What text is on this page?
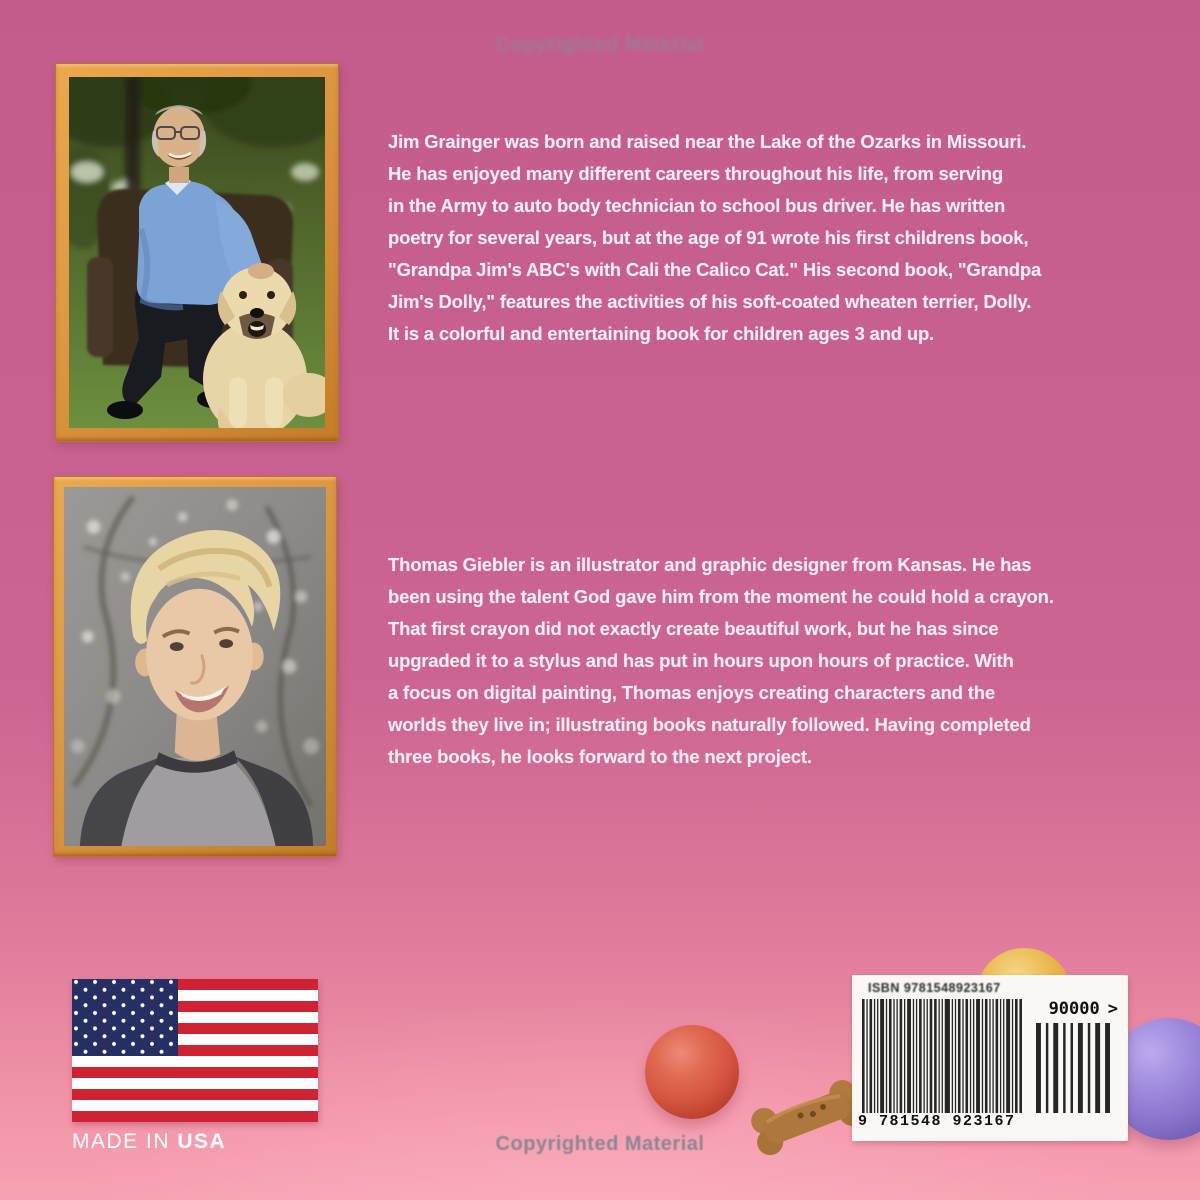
Copyrighted Material
Jim Grainger was born and raised near the Lake of the Ozarks in Missouri.
He has enjoyed many different careers throughout his life, from serving
in the Army to auto body technician to school bus driver. He has written
poetry for several years, but at the age of 91 wrote his first childrens book,
"Grandpa Jim's ABC's with Cali the Calico Cat." His second book, "Grandpa
Jim's Dolly," features the activities of his soft-coated wheaten terrier, Dolly.
It is a colorful and entertaining book for children ages 3 and up.
Thomas Giebler is an illustrator and graphic designer from Kansas. He has
been using the talent God gave him from the moment he could hold a crayon.
That first crayon did not exactly create beautiful work, but he has since
upgraded it to a stylus and has put in hours upon hours of practice. With
a focus on digital painting, Thomas enjoys creating characters and the
worlds they live in; illustrating books naturally followed. Having completed
three books, he looks forward to the next project.
MADE IN USA
ISBN 9781548923167
90000 >
9 781548 923167
Copyrighted Material
